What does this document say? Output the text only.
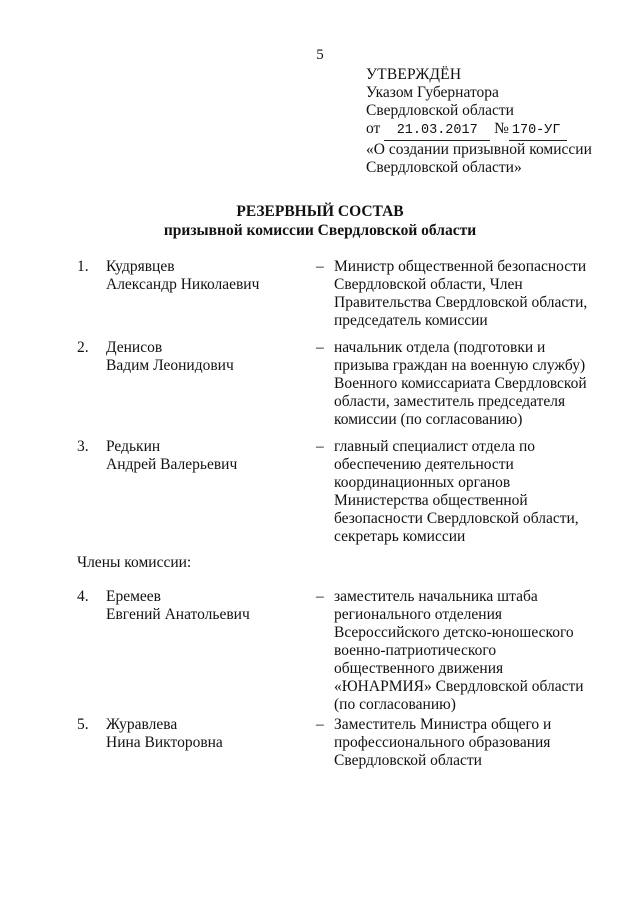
5
УТВЕРЖДЁН
Указом Губернатора
Свердловской области
от 21.03.2017 № 170-УГ
«О создании призывной комиссии
Свердловской области»
РЕЗЕРВНЫЙ СОСТАВ
призывной комиссии Свердловской области
1. Кудрявцев
Александр Николаевич
– Министр общественной безопасности
Свердловской области, Член
Правительства Свердловской области,
председатель комиссии
2. Денисов
Вадим Леонидович
– начальник отдела (подготовки и
призыва граждан на военную службу)
Военного комиссариата Свердловской
области, заместитель председателя
комиссии (по согласованию)
3. Редькин
Андрей Валерьевич
– главный специалист отдела по
обеспечению деятельности
координационных органов
Министерства общественной
безопасности Свердловской области,
секретарь комиссии
Члены комиссии:
4. Еремеев
Евгений Анатольевич
– заместитель начальника штаба
регионального отделения
Всероссийского детско-юношеского
военно-патриотического
общественного движения
«ЮНАРМИЯ» Свердловской области
(по согласованию)
5. Журавлева
Нина Викторовна
– Заместитель Министра общего и
профессионального образования
Свердловской области
